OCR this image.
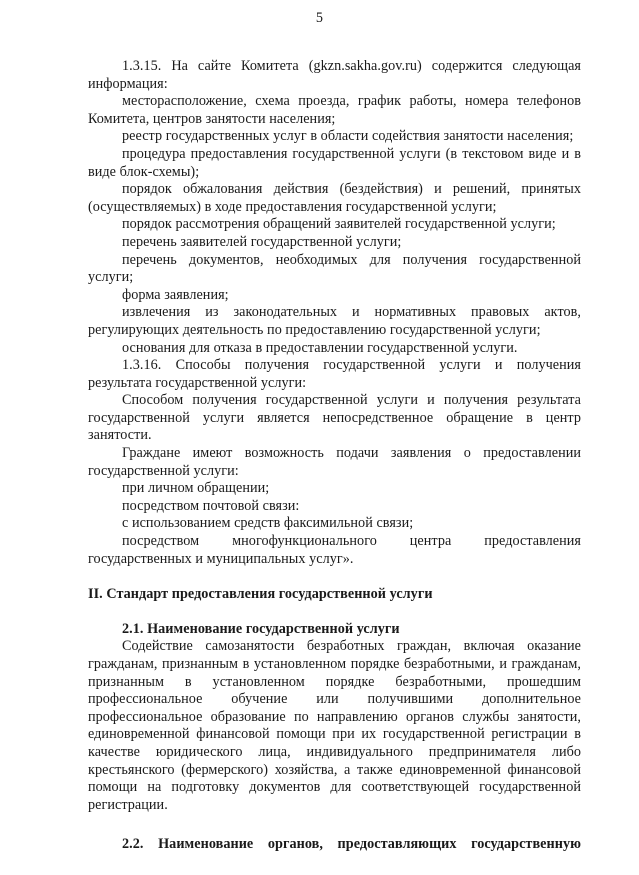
5

1.3.15. На сайте Комитета (gkzn.sakha.gov.ru) содержится следующая информация:

месторасположение, схема проезда, график работы, номера телефонов Комитета, центров занятости населения;

реестр государственных услуг в области содействия занятости населения;

процедура предоставления государственной услуги (в текстовом виде и в виде блок-схемы);

порядок обжалования действия (бездействия) и решений, принятых (осуществляемых) в ходе предоставления государственной услуги;

порядок рассмотрения обращений заявителей государственной услуги;

перечень заявителей государственной услуги;

перечень документов, необходимых для получения государственной услуги;

форма заявления;

извлечения из законодательных и нормативных правовых актов, регулирующих деятельность по предоставлению государственной услуги;

основания для отказа в предоставлении государственной услуги.

1.3.16. Способы получения государственной услуги и получения результата государственной услуги:

Способом получения государственной услуги и получения результата государственной услуги является непосредственное обращение в центр занятости.

Граждане имеют возможность подачи заявления о предоставлении государственной услуги:

при личном обращении;

посредством почтовой связи:

с использованием средств факсимильной связи;

посредством многофункционального центра предоставления государственных и муниципальных услуг».

II. Стандарт предоставления государственной услуги

2.1. Наименование государственной услуги

Содействие самозанятости безработных граждан, включая оказание гражданам, признанным в установленном порядке безработными, и гражданам, признанным в установленном порядке безработными, прошедшим профессиональное обучение или получившими дополнительное профессиональное образование по направлению органов службы занятости, единовременной финансовой помощи при их государственной регистрации в качестве юридического лица, индивидуального предпринимателя либо крестьянского (фермерского) хозяйства, а также единовременной финансовой помощи на подготовку документов для соответствующей государственной регистрации.

2.2. Наименование органов, предоставляющих государственную
